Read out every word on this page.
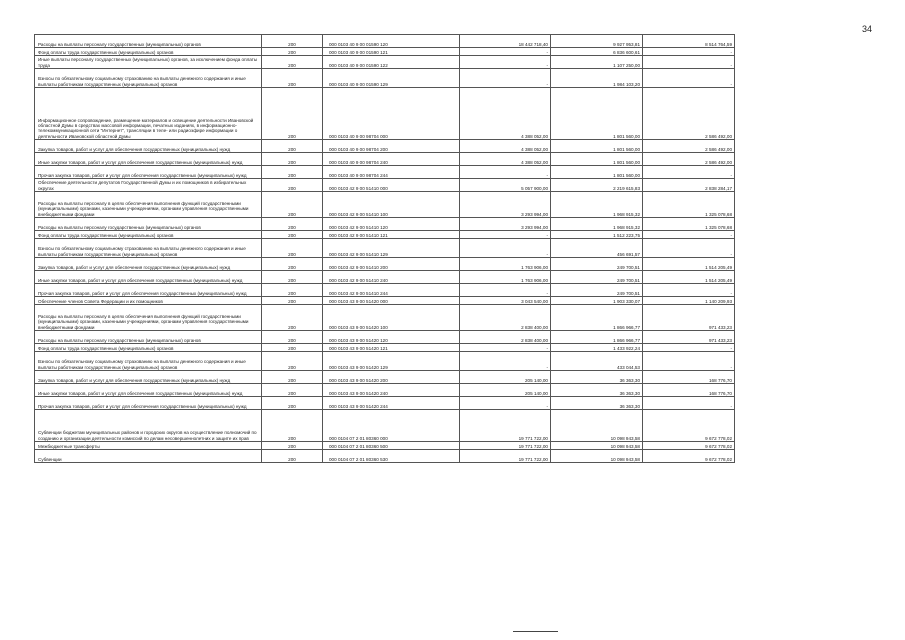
34
Расходы на выплаты персоналу государственных (муниципальных) органов	200	000 0103 40 9 00 01590 120	18 442 718,40	9 927 953,81	8 514 764,59
Фонд оплаты труда государственных (муниципальных) органов	200	000 0103 40 9 00 01590 121	-	6 836 600,61	-
Иные выплаты персоналу государственных (муниципальных) органов, за исключением фонда оплаты труда	200	000 0103 40 9 00 01590 122	-	1 107 250,00	-
Взносы по обязательному социальному страхованию на выплаты денежного содержания и иные выплаты работникам государственных (муниципальных) органов	200	000 0103 40 9 00 01590 129	-	1 984 103,20	-
Информационное сопровождение, размещение материалов и освещение деятельности Ивановской областной Думы в средствах массовой информации, печатных изданиях, в информационно-телекоммуникационной сети "Интернет", трансляции в теле- или радиоэфире информации о деятельности Ивановской областной Думы	200	000 0103 40 9 00 98704 000	4 388 052,00	1 801 560,00	2 586 492,00
Закупка товаров, работ и услуг для обеспечения государственных (муниципальных) нужд	200	000 0103 40 9 00 98704 200	4 388 052,00	1 801 560,00	2 586 492,00
Иные закупки товаров, работ и услуг для обеспечения государственных (муниципальных) нужд	200	000 0103 40 9 00 98704 240	4 388 052,00	1 801 560,00	2 586 492,00
Прочая закупка товаров, работ и услуг для обеспечения государственных (муниципальных) нужд	200	000 0103 40 9 00 98704 244	-	1 801 560,00	-
Обеспечение деятельности депутатов Государственной Думы и их помощников в избирательных округах	200	000 0103 42 9 00 51410 000	5 057 900,00	2 219 615,83	2 838 284,17
Расходы на выплаты персоналу в целях обеспечения выполнения функций государственными (муниципальными) органами, казенными учреждениями, органами управления государственными внебюджетными фондами	200	000 0103 42 9 00 51410 100	3 293 994,00	1 968 915,32	1 325 078,68
Расходы на выплаты персоналу государственных (муниципальных) органов	200	000 0103 42 9 00 51410 120	3 293 994,00	1 968 915,32	1 325 078,68
Фонд оплаты труда государственных (муниципальных) органов	200	000 0103 42 9 00 51410 121	-	1 512 223,75	-
Взносы по обязательному социальному страхованию на выплаты денежного содержания и иные выплаты работникам государственных (муниципальных) органов	200	000 0103 42 9 00 51410 129	-	456 691,57	-
Закупка товаров, работ и услуг для обеспечения государственных (муниципальных) нужд	200	000 0103 42 9 00 51410 200	1 763 906,00	249 700,51	1 514 205,49
Иные закупки товаров, работ и услуг для обеспечения государственных (муниципальных) нужд	200	000 0103 42 9 00 51410 240	1 763 906,00	249 700,51	1 514 205,49
Прочая закупка товаров, работ и услуг для обеспечения государственных (муниципальных) нужд	200	000 0103 42 9 00 51410 244	-	249 700,51	-
Обеспечение членов Совета Федерации и их помощников	200	000 0103 43 9 00 51420 000	3 043 540,00	1 903 330,07	1 140 209,93
Расходы на выплаты персоналу в целях обеспечения выполнения функций государственными (муниципальными) органами, казенными учреждениями, органами управления государственными внебюджетными фондами	200	000 0103 43 9 00 51420 100	2 838 400,00	1 866 966,77	971 433,23
Расходы на выплаты персоналу государственных (муниципальных) органов	200	000 0103 43 9 00 51420 120	2 838 400,00	1 866 966,77	971 433,23
Фонд оплаты труда государственных (муниципальных) органов	200	000 0103 43 9 00 51420 121	-	1 433 922,24	-
Взносы по обязательному социальному страхованию на выплаты денежного содержания и иные выплаты работникам государственных (муниципальных) органов	200	000 0103 43 9 00 51420 129	-	433 044,53	-
Закупка товаров, работ и услуг для обеспечения государственных (муниципальных) нужд	200	000 0103 43 9 00 51420 200	205 140,00	36 363,30	168 776,70
Иные закупки товаров, работ и услуг для обеспечения государственных (муниципальных) нужд	200	000 0103 43 9 00 51420 240	205 140,00	36 363,30	168 776,70
Прочая закупка товаров, работ и услуг для обеспечения государственных (муниципальных) нужд	200	000 0103 43 9 00 51420 244	-	36 363,30	-
Субвенции бюджетам муниципальных районов и городских округов на осуществление полномочий по созданию и организации деятельности комиссий по делам несовершеннолетних и защите их прав	200	000 0104 07 2 01 80360 000	19 771 722,00	10 098 943,58	9 672 778,02
Межбюджетные трансферты	200	000 0104 07 2 01 80360 500	19 771 722,00	10 098 943,58	9 672 778,02
Субвенции	200	000 0104 07 2 01 80360 530	19 771 722,00	10 098 943,58	9 672 778,02
